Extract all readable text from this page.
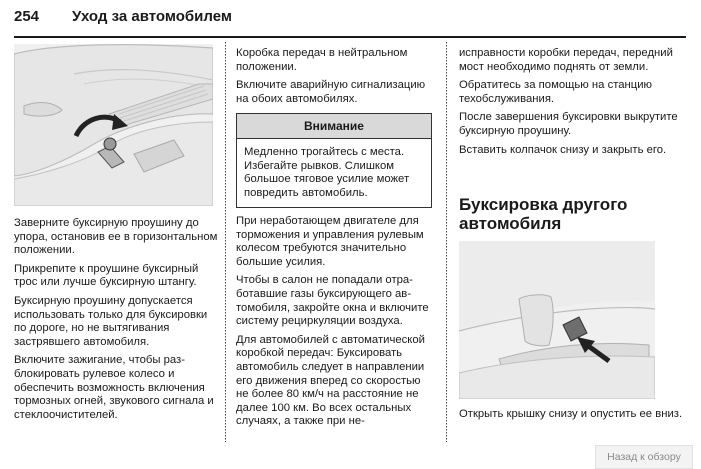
254 Уход за автомобилем

Заверните буксирную проушину до упора, остановив ее в горизонтальном положении.

Прикрепите к проушине буксирный трос или лучше буксирную штангу.

Буксирную проушину допускается использовать только для буксировки по дороге, но не вытягивания застрявшего автомобиля.

Включите зажигание, чтобы разблокировать рулевое колесо и обеспечить возможность включения тормозных огней, звукового сигнала и стеклоочистителей.

Коробка передач в нейтральном положении.

Включите аварийную сигнализацию на обоих автомобилях.

Внимание
Медленно трогайтесь с места. Избегайте рывков. Слишком большое тяговое усилие может повредить автомобиль.

При неработающем двигателе для торможения и управления рулевым колесом требуются значительно большие усилия.

Чтобы в салон не попадали отработавшие газы буксирующего автомобиля, закройте окна и включите систему рециркуляции воздуха.

Для автомобилей с автоматической коробкой передач: Буксировать автомобиль следует в направлении его движения вперед со скоростью не более 80 км/ч на расстояние не далее 100 км. Во всех остальных случаях, а также при не-

исправности коробки передач, передний мост необходимо поднять от земли.

Обратитесь за помощью на станцию техобслуживания.

После завершения буксировки выкрутите буксирную проушину.

Вставить колпачок снизу и закрыть его.

Буксировка другого автомобиля

Открыть крышку снизу и опустить ее вниз.

Назад к обзору
